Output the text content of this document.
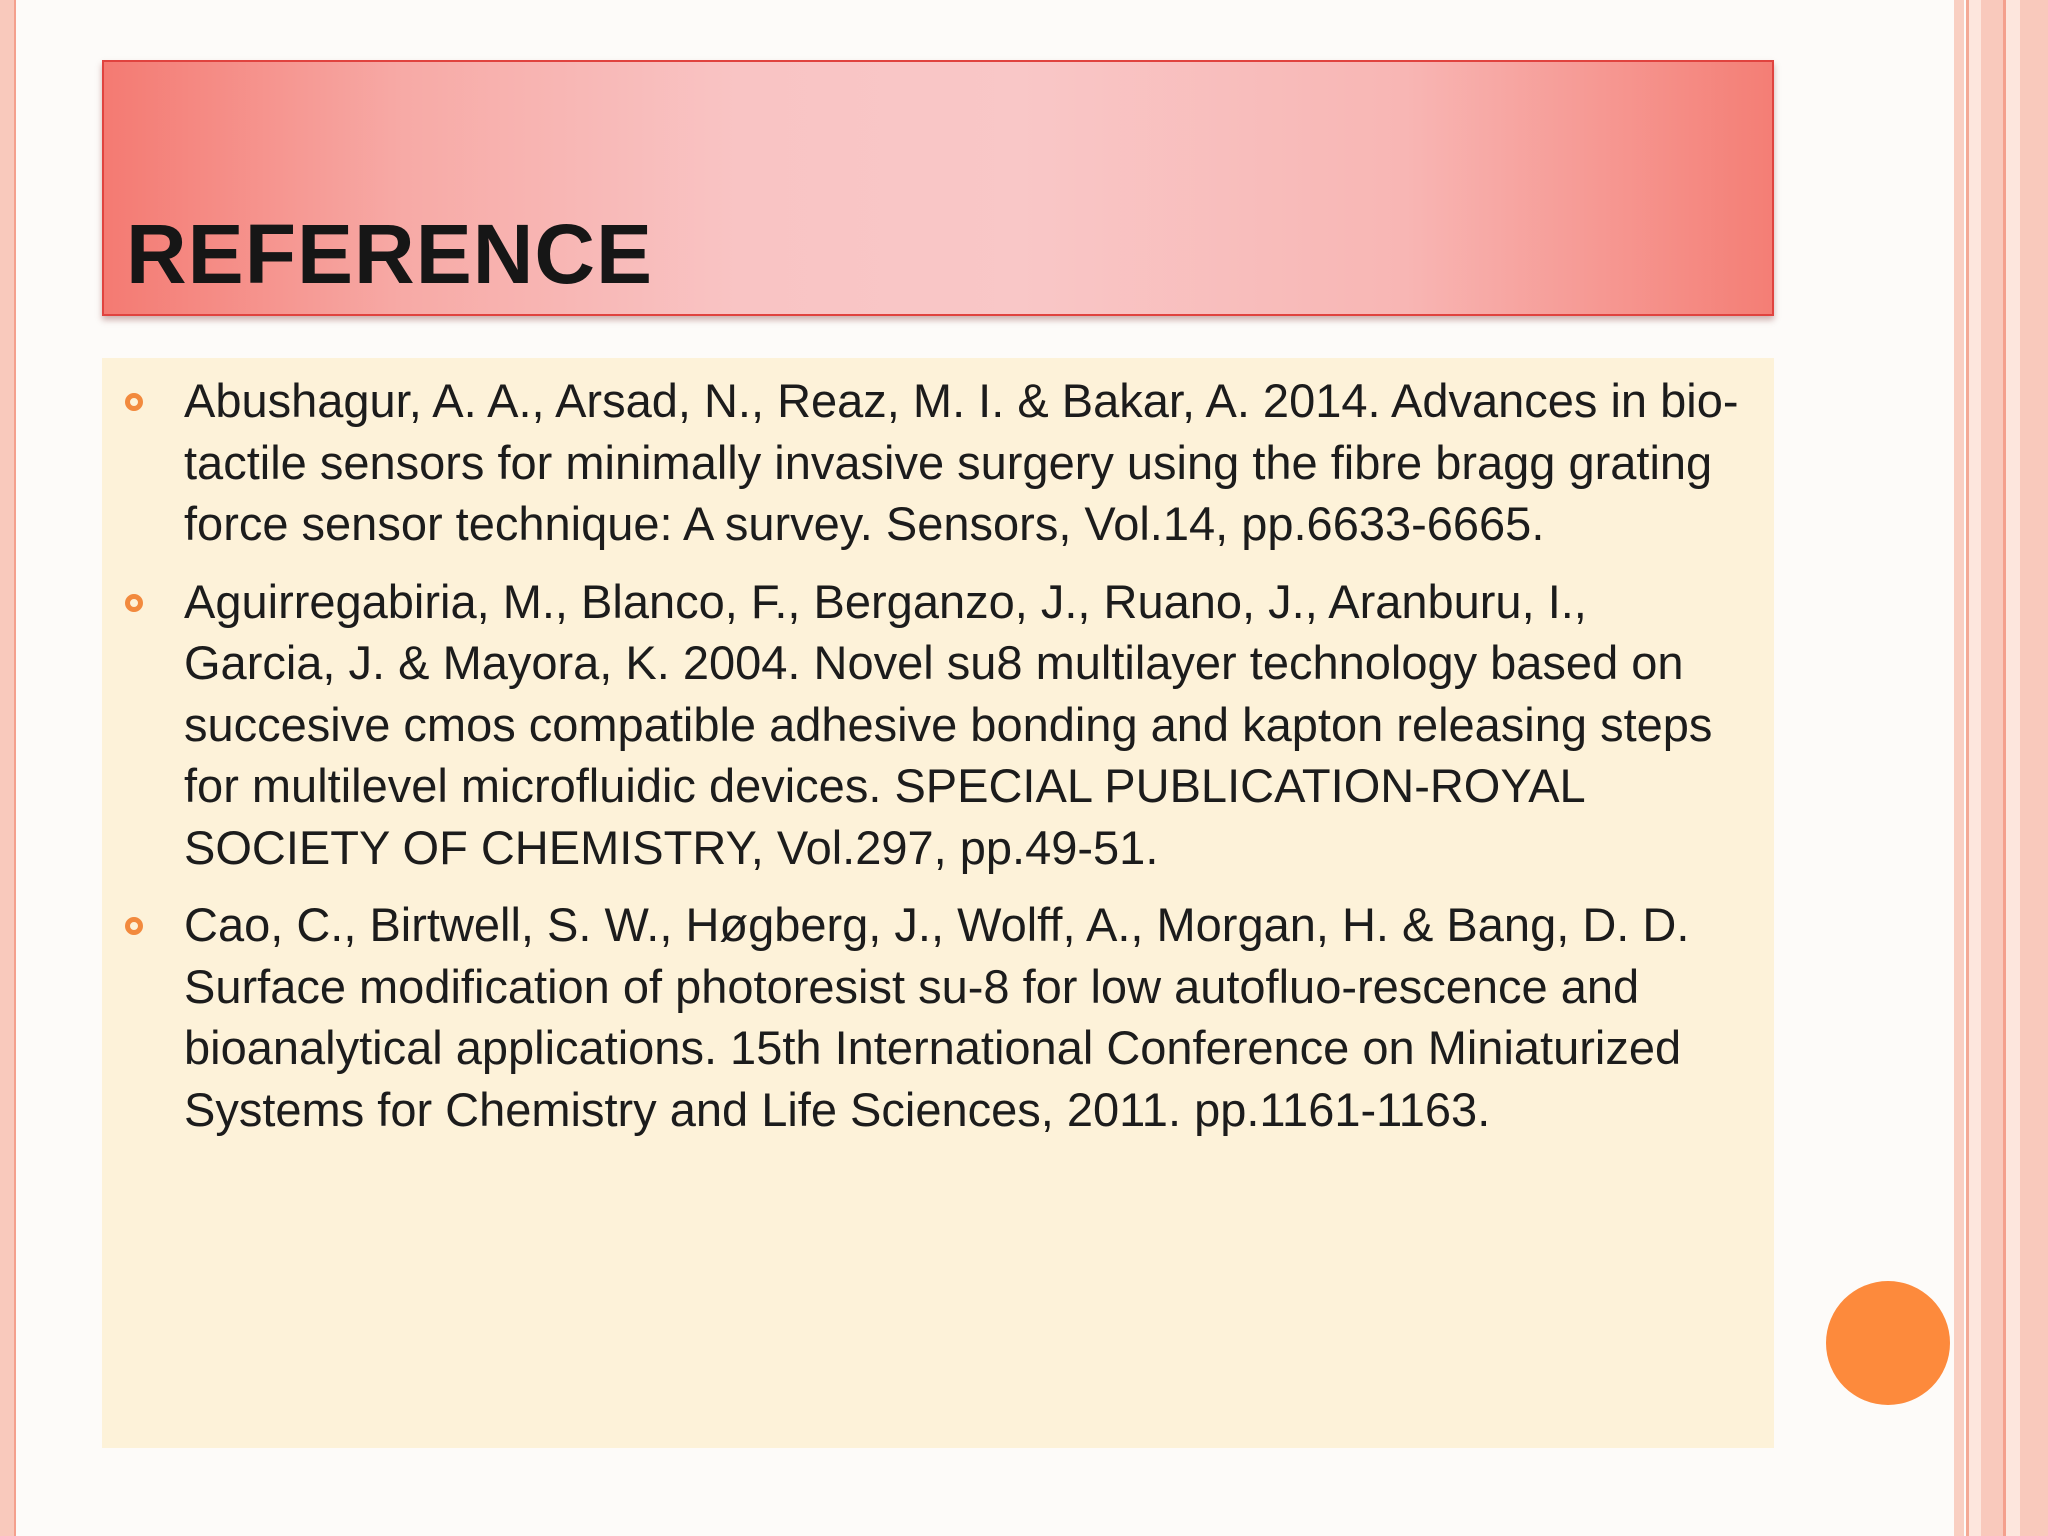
REFERENCE
Abushagur, A. A., Arsad, N., Reaz, M. I. & Bakar, A. 2014. Advances in bio-tactile sensors for minimally invasive surgery using the fibre bragg grating force sensor technique: A survey. Sensors, Vol.14, pp.6633-6665.
Aguirregabiria, M., Blanco, F., Berganzo, J., Ruano, J., Aranburu, I., Garcia, J. & Mayora, K. 2004. Novel su8 multilayer technology based on succesive cmos compatible adhesive bonding and kapton releasing steps for multilevel microfluidic devices. SPECIAL PUBLICATION-ROYAL SOCIETY OF CHEMISTRY, Vol.297, pp.49-51.
Cao, C., Birtwell, S. W., Høgberg, J., Wolff, A., Morgan, H. & Bang, D. D. Surface modification of photoresist su-8 for low autofluo-rescence and bioanalytical applications. 15th International Conference on Miniaturized Systems for Chemistry and Life Sciences, 2011. pp.1161-1163.
